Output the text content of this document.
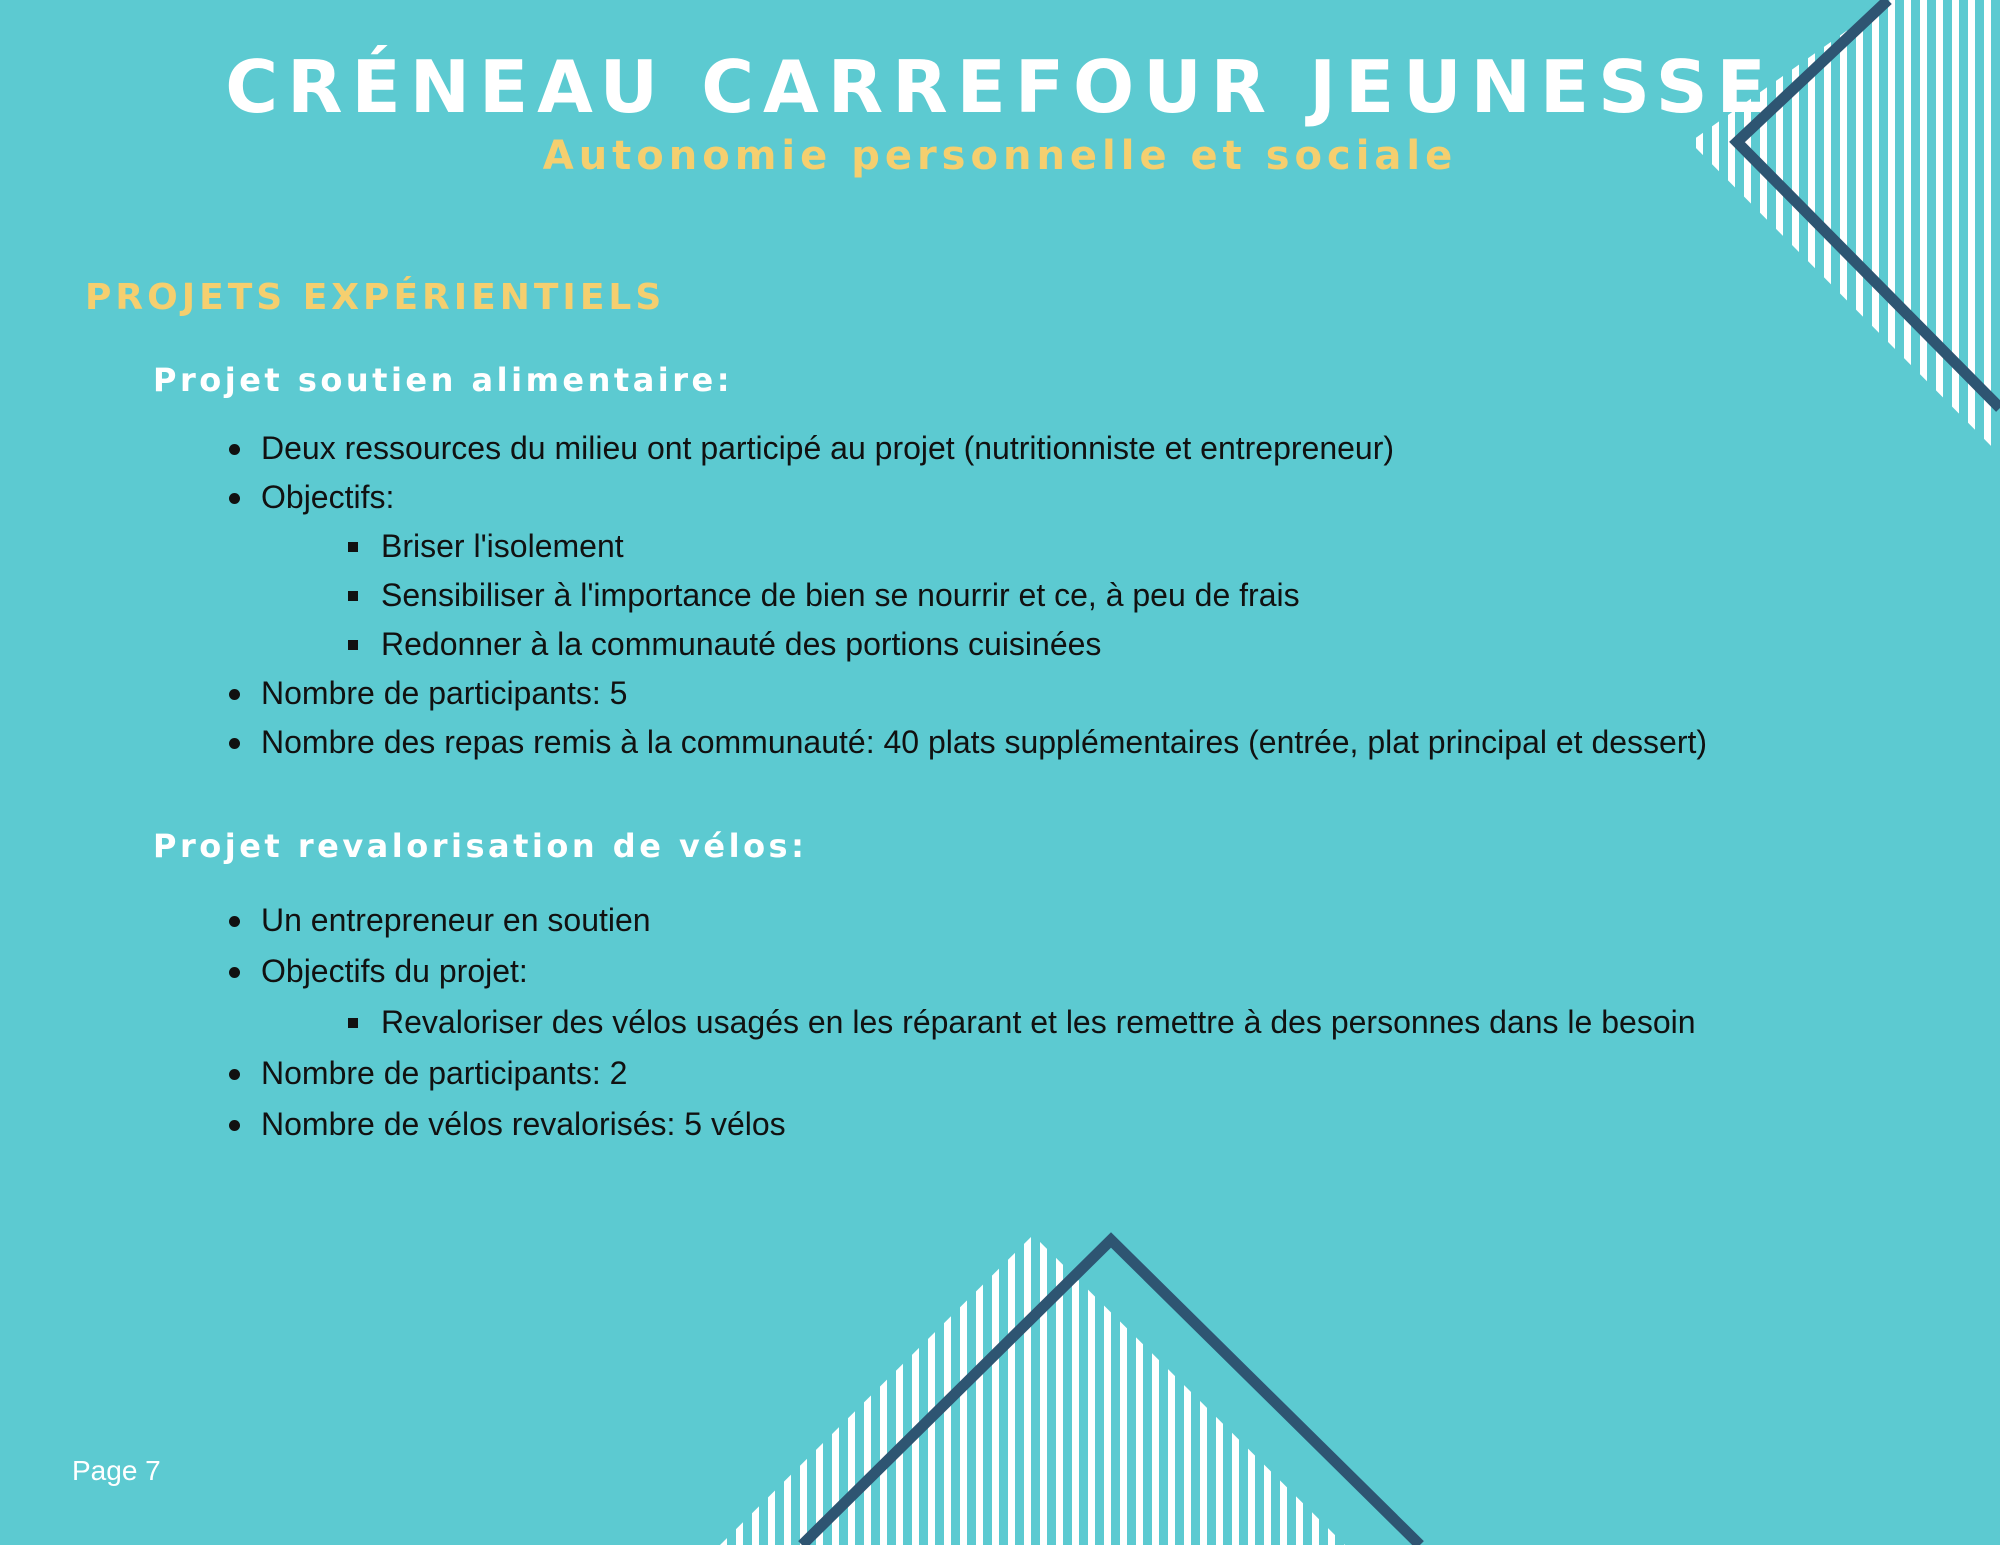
CRÉNEAU CARREFOUR JEUNESSE

Autonomie personnelle et sociale

PROJETS EXPÉRIENTIELS
Projet soutien alimentaire:
Deux ressources du milieu ont participé au projet (nutritionniste et entrepreneur)
Objectifs:
Briser l'isolement
Sensibiliser à l'importance de bien se nourrir et ce, à peu de frais
Redonner à la communauté des portions cuisinées
Nombre de participants: 5
Nombre des repas remis à la communauté: 40 plats supplémentaires (entrée, plat principal et dessert)
Projet revalorisation de vélos:
Un entrepreneur en soutien
Objectifs du projet:
Revaloriser des vélos usagés en les réparant et les remettre à des personnes dans le besoin
Nombre de participants: 2
Nombre de vélos revalorisés: 5 vélos
Page 7
